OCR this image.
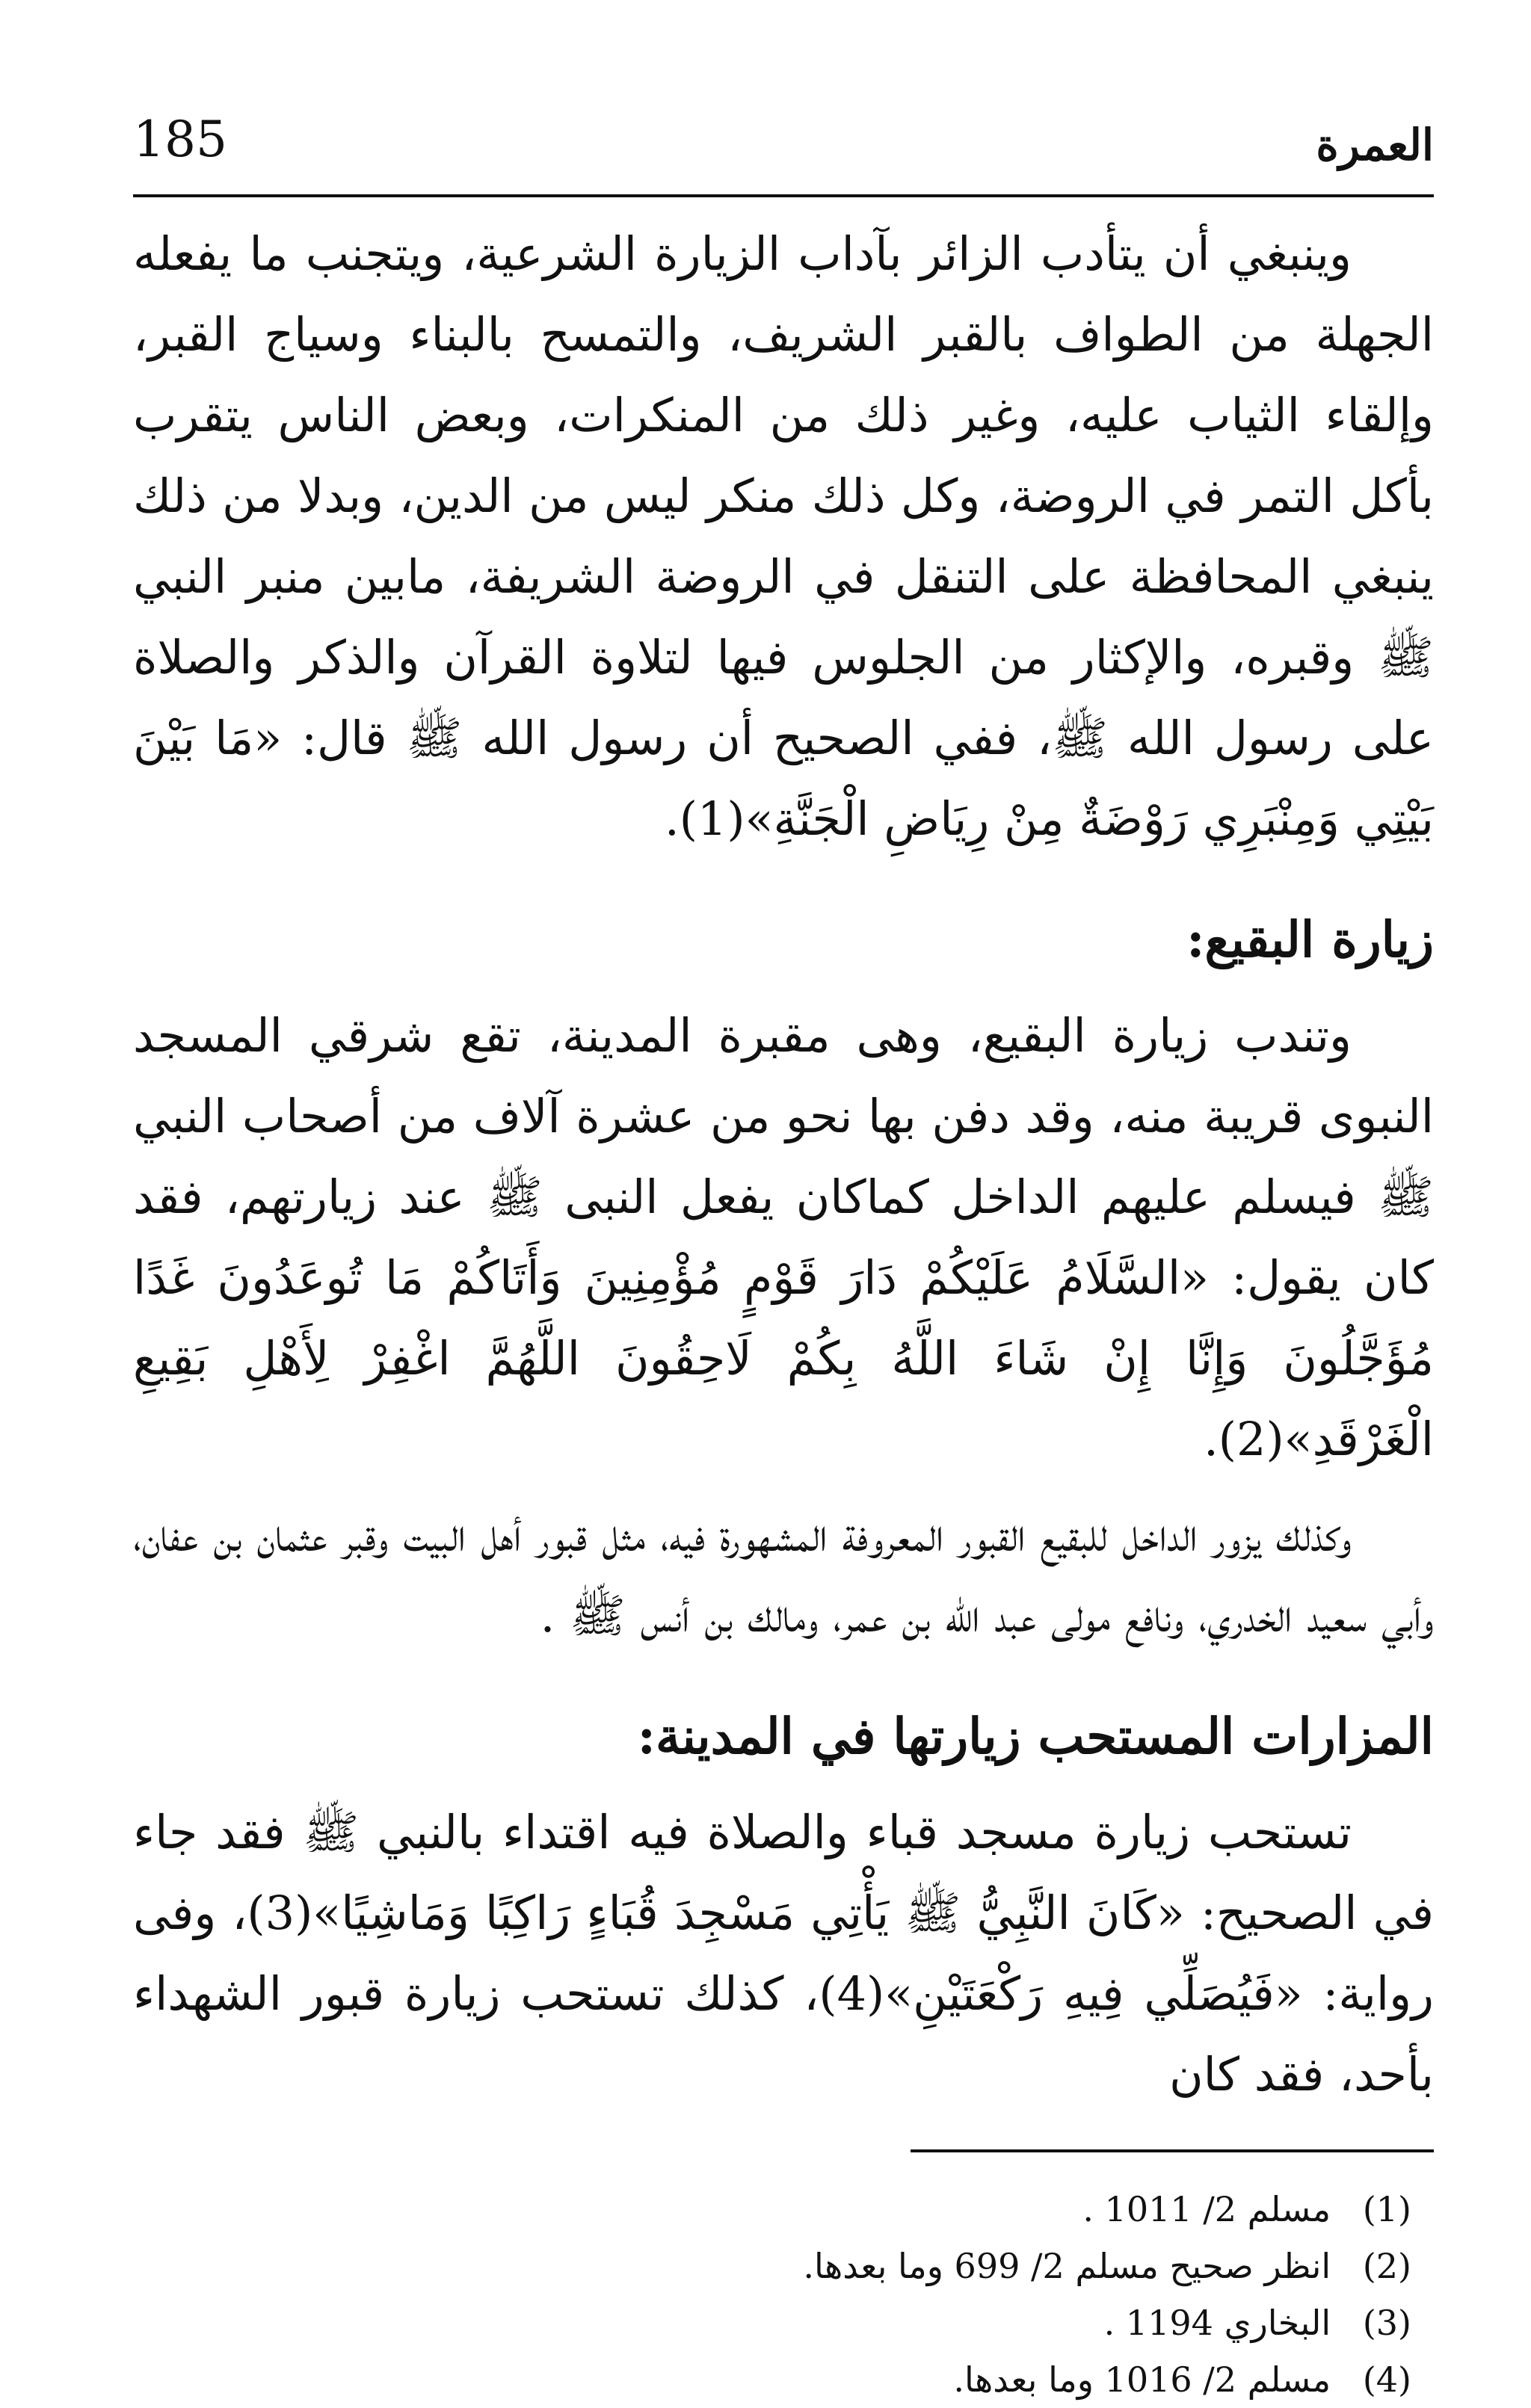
العمرة
185

وينبغي أن يتأدب الزائر بآداب الزيارة الشرعية، ويتجنب ما يفعله الجهلة من الطواف بالقبر الشريف، والتمسح بالبناء وسياج القبر، وإلقاء الثياب عليه، وغير ذلك من المنكرات، وبعض الناس يتقرب بأكل التمر في الروضة، وكل ذلك منكر ليس من الدين، وبدلا من ذلك ينبغي المحافظة على التنقل في الروضة الشريفة، مابين منبر النبي ﷺ وقبره، والإكثار من الجلوس فيها لتلاوة القرآن والذكر والصلاة على رسول الله ﷺ، ففي الصحيح أن رسول الله ﷺ قال: «مَا بَيْنَ بَيْتِي وَمِنْبَرِي رَوْضَةٌ مِنْ رِيَاضِ الْجَنَّةِ»(1).

زيارة البقيع:

وتندب زيارة البقيع، وهى مقبرة المدينة، تقع شرقي المسجد النبوى قريبة منه، وقد دفن بها نحو من عشرة آلاف من أصحاب النبي ﷺ فيسلم عليهم الداخل كماكان يفعل النبى ﷺ عند زيارتهم، فقد كان يقول: «السَّلَامُ عَلَيْكُمْ دَارَ قَوْمٍ مُؤْمِنِينَ وَأَتَاكُمْ مَا تُوعَدُونَ غَدًا مُؤَجَّلُونَ وَإِنَّا إِنْ شَاءَ اللَّهُ بِكُمْ لَاحِقُونَ اللَّهُمَّ اغْفِرْ لِأَهْلِ بَقِيعِ الْغَرْقَدِ»(2).

وكذلك يزور الداخل للبقيع القبور المعروفة المشهورة فيه، مثل قبور أهل البيت وقبر عثمان بن عفان، وأبي سعيد الخدري، ونافع مولى عبد الله بن عمر، ومالك بن أنس ﷺ .

المزارات المستحب زيارتها في المدينة:

تستحب زيارة مسجد قباء والصلاة فيه اقتداء بالنبي ﷺ فقد جاء في الصحيح: «كَانَ النَّبِيُّ ﷺ يَأْتِي مَسْجِدَ قُبَاءٍ رَاكِبًا وَمَاشِيًا»(3)، وفى رواية: «فَيُصَلِّي فِيهِ رَكْعَتَيْنِ»(4)، كذلك تستحب زيارة قبور الشهداء بأحد، فقد كان

(1) مسلم 2/ 1011 .
(2) انظر صحيح مسلم 2/ 699 وما بعدها.
(3) البخاري 1194 .
(4) مسلم 2/ 1016 وما بعدها.
